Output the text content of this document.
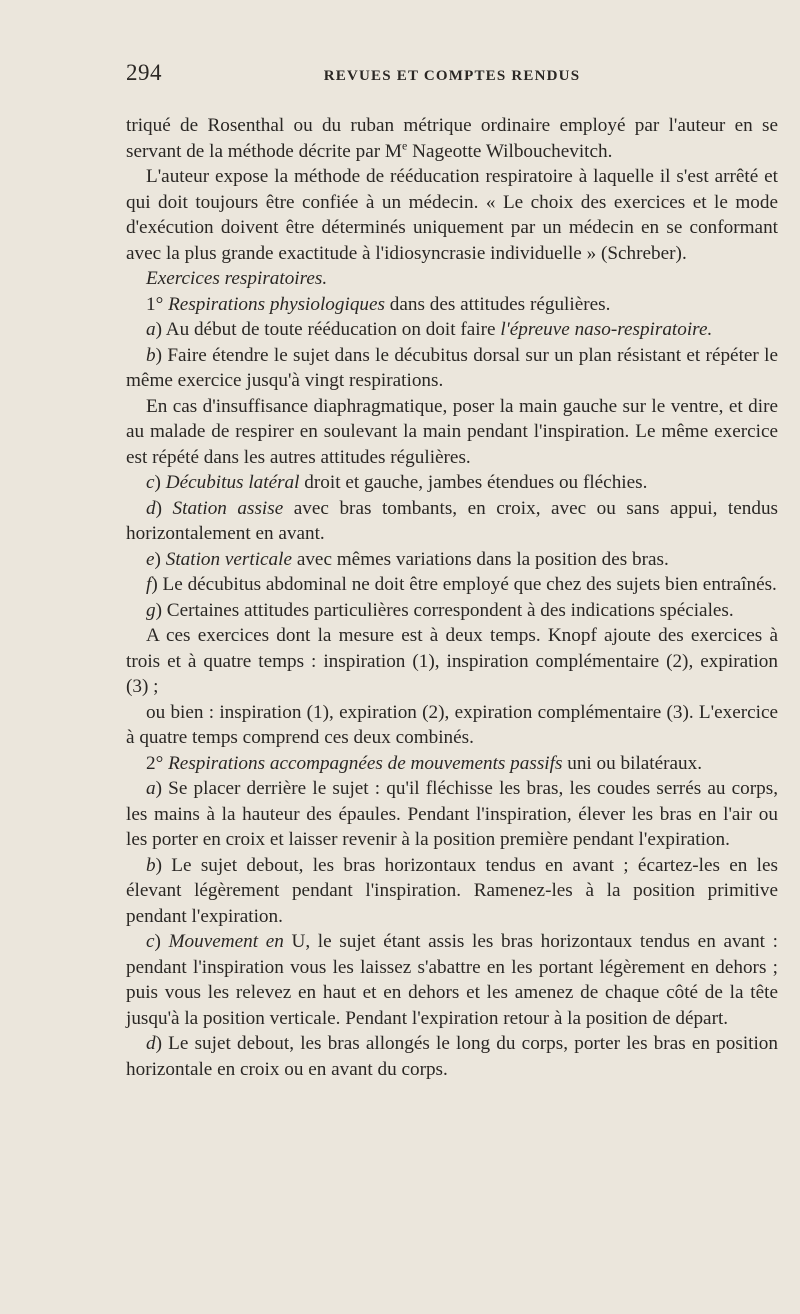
294	REVUES ET COMPTES RENDUS

triqué de Rosenthal ou du ruban métrique ordinaire employé par l'auteur en se servant de la méthode décrite par Me Nageotte Wilbouchevitch.

L'auteur expose la méthode de rééducation respiratoire à laquelle il s'est arrêté et qui doit toujours être confiée à un médecin. « Le choix des exercices et le mode d'exécution doivent être déterminés uniquement par un médecin en se conformant avec la plus grande exactitude à l'idiosyncrasie individuelle » (Schreber).

Exercices respiratoires.

1° Respirations physiologiques dans des attitudes régulières.

a) Au début de toute rééducation on doit faire l'épreuve naso-respiratoire.

b) Faire étendre le sujet dans le décubitus dorsal sur un plan résistant et répéter le même exercice jusqu'à vingt respirations.

En cas d'insuffisance diaphragmatique, poser la main gauche sur le ventre, et dire au malade de respirer en soulevant la main pendant l'inspiration. Le même exercice est répété dans les autres attitudes régulières.

c) Décubitus latéral droit et gauche, jambes étendues ou fléchies.

d) Station assise avec bras tombants, en croix, avec ou sans appui, tendus horizontalement en avant.

e) Station verticale avec mêmes variations dans la position des bras.

f) Le décubitus abdominal ne doit être employé que chez des sujets bien entraînés.

g) Certaines attitudes particulières correspondent à des indications spéciales.

A ces exercices dont la mesure est à deux temps. Knopf ajoute des exercices à trois et à quatre temps : inspiration (1), inspiration complémentaire (2), expiration (3) ;

ou bien : inspiration (1), expiration (2), expiration complémentaire (3). L'exercice à quatre temps comprend ces deux combinés.

2° Respirations accompagnées de mouvements passifs uni ou bilatéraux.

a) Se placer derrière le sujet : qu'il fléchisse les bras, les coudes serrés au corps, les mains à la hauteur des épaules. Pendant l'inspiration, élever les bras en l'air ou les porter en croix et laisser revenir à la position première pendant l'expiration.

b) Le sujet debout, les bras horizontaux tendus en avant ; écartez-les en les élevant légèrement pendant l'inspiration. Ramenez-les à la position primitive pendant l'expiration.

c) Mouvement en U, le sujet étant assis les bras horizontaux tendus en avant : pendant l'inspiration vous les laissez s'abattre en les portant légèrement en dehors ; puis vous les relevez en haut et en dehors et les amenez de chaque côté de la tête jusqu'à la position verticale. Pendant l'expiration retour à la position de départ.

d) Le sujet debout, les bras allongés le long du corps, porter les bras en position horizontale en croix ou en avant du corps.
